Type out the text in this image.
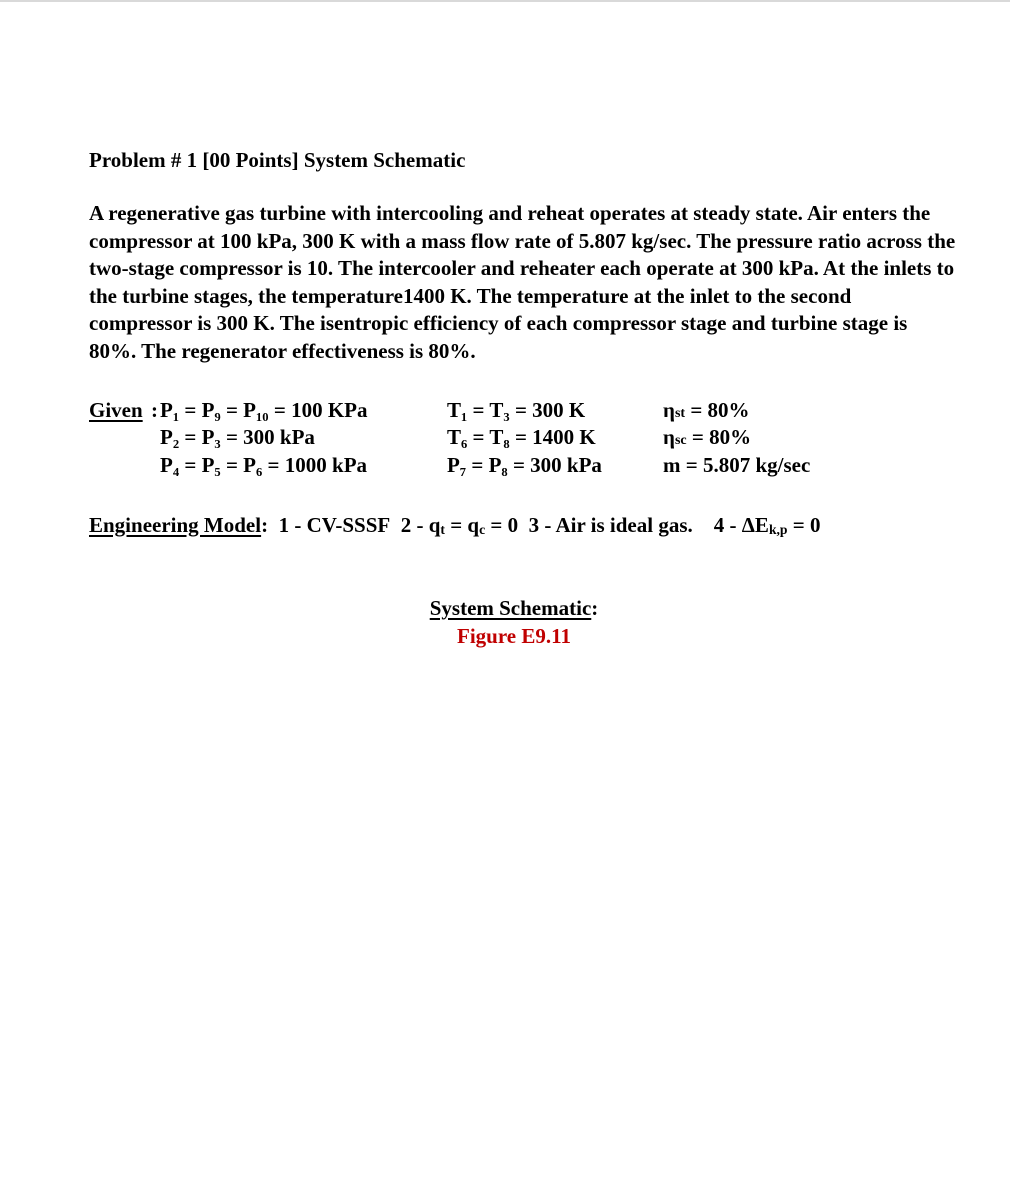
Problem # 1 [00 Points] System Schematic

A regenerative gas turbine with intercooling and reheat operates at steady state. Air enters the compressor at 100 kPa, 300 K with a mass flow rate of 5.807 kg/sec. The pressure ratio across the two-stage compressor is 10. The intercooler and reheater each operate at 300 kPa. At the inlets to the turbine stages, the temperature1400 K. The temperature at the inlet to the second compressor is 300 K. The isentropic efficiency of each compressor stage and turbine stage is 80%. The regenerator effectiveness is 80%.

Given : P₁ = P₉ = P₁₀ = 100 KPa	T₁ = T₃ = 300 K	ηst = 80%
P₂ = P₃ = 300 kPa	T₆ = T₈ = 1400 K	ηsc = 80%
P₄ = P₅ = P₆ = 1000 kPa	P₇ = P₈ = 300 kPa	m = 5.807 kg/sec
Engineering Model: 1 - CV-SSSF $2 - q_t = q_c = 0$ 3 - Air is ideal gas. $4 - \Delta E_{k,p} = 0$
System Schematic:
Figure E9.11
